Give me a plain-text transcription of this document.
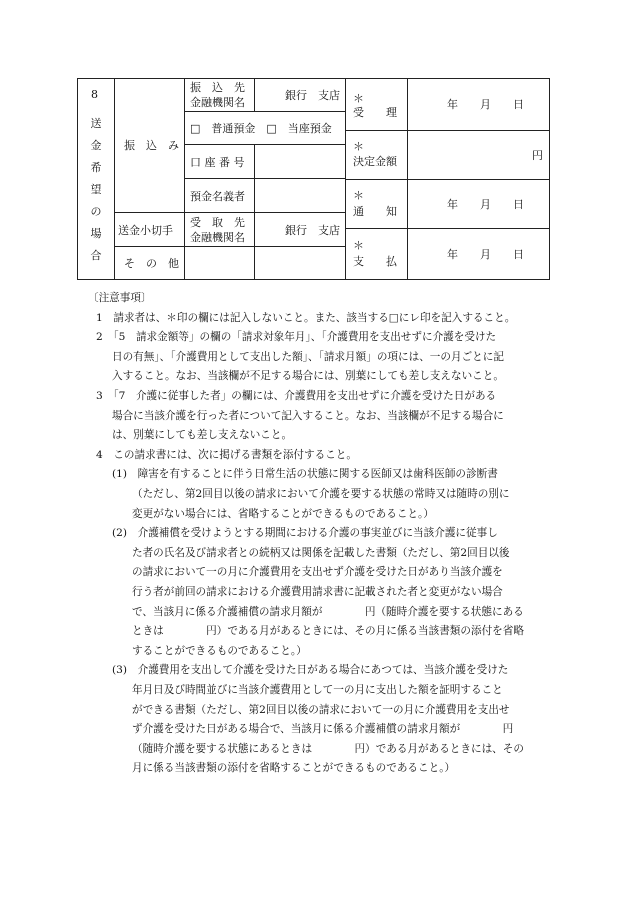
8
送
金
希
望
の
場
合
振　込　み
送金小切手
そ　の　他
振　込　先
金融機関名
銀行　支店
□　普通預金　□　当座預金
口 座 番 号
預金名義者
受　取　先
金融機関名
銀行　支店
＊
受　　理
年　　月　　日
＊
決定金額	円
＊
通　　知
年　　月　　日
＊
支　　払
年　　月　　日
〔注意事項〕
1　請求者は、＊印の欄には記入しないこと。また、該当する□にレ印を記入すること。
2　「5　請求金額等」の欄の「請求対象年月」、「介護費用を支出せずに介護を受けた
日の有無」、「介護費用として支出した額」、「請求月額」の項には、一の月ごとに記
入すること。なお、当該欄が不足する場合には、別葉にしても差し支えないこと。
3　「7　介護に従事した者」の欄には、介護費用を支出せずに介護を受けた日がある
場合に当該介護を行った者について記入すること。なお、当該欄が不足する場合に
は、別葉にしても差し支えないこと。
4　この請求書には、次に掲げる書類を添付すること。
(1)　障害を有することに伴う日常生活の状態に関する医師又は歯科医師の診断書
（ただし、第2回目以後の請求において介護を要する状態の常時又は随時の別に
変更がない場合には、省略することができるものであること。）
(2)　介護補償を受けようとする期間における介護の事実並びに当該介護に従事し
た者の氏名及び請求者との続柄又は関係を記載した書類（ただし、第2回目以後
の請求において一の月に介護費用を支出せず介護を受けた日があり当該介護を
行う者が前回の請求における介護費用請求書に記載された者と変更がない場合
で、当該月に係る介護補償の請求月額が　　　　円（随時介護を要する状態にある
ときは　　　　円）である月があるときには、その月に係る当該書類の添付を省略
することができるものであること。）
(3)　介護費用を支出して介護を受けた日がある場合にあつては、当該介護を受けた
年月日及び時間並びに当該介護費用として一の月に支出した額を証明すること
ができる書類（ただし、第2回目以後の請求において一の月に介護費用を支出せ
ず介護を受けた日がある場合で、当該月に係る介護補償の請求月額が　　　　円
（随時介護を要する状態にあるときは　　　　円）である月があるときには、その
月に係る当該書類の添付を省略することができるものであること。）
